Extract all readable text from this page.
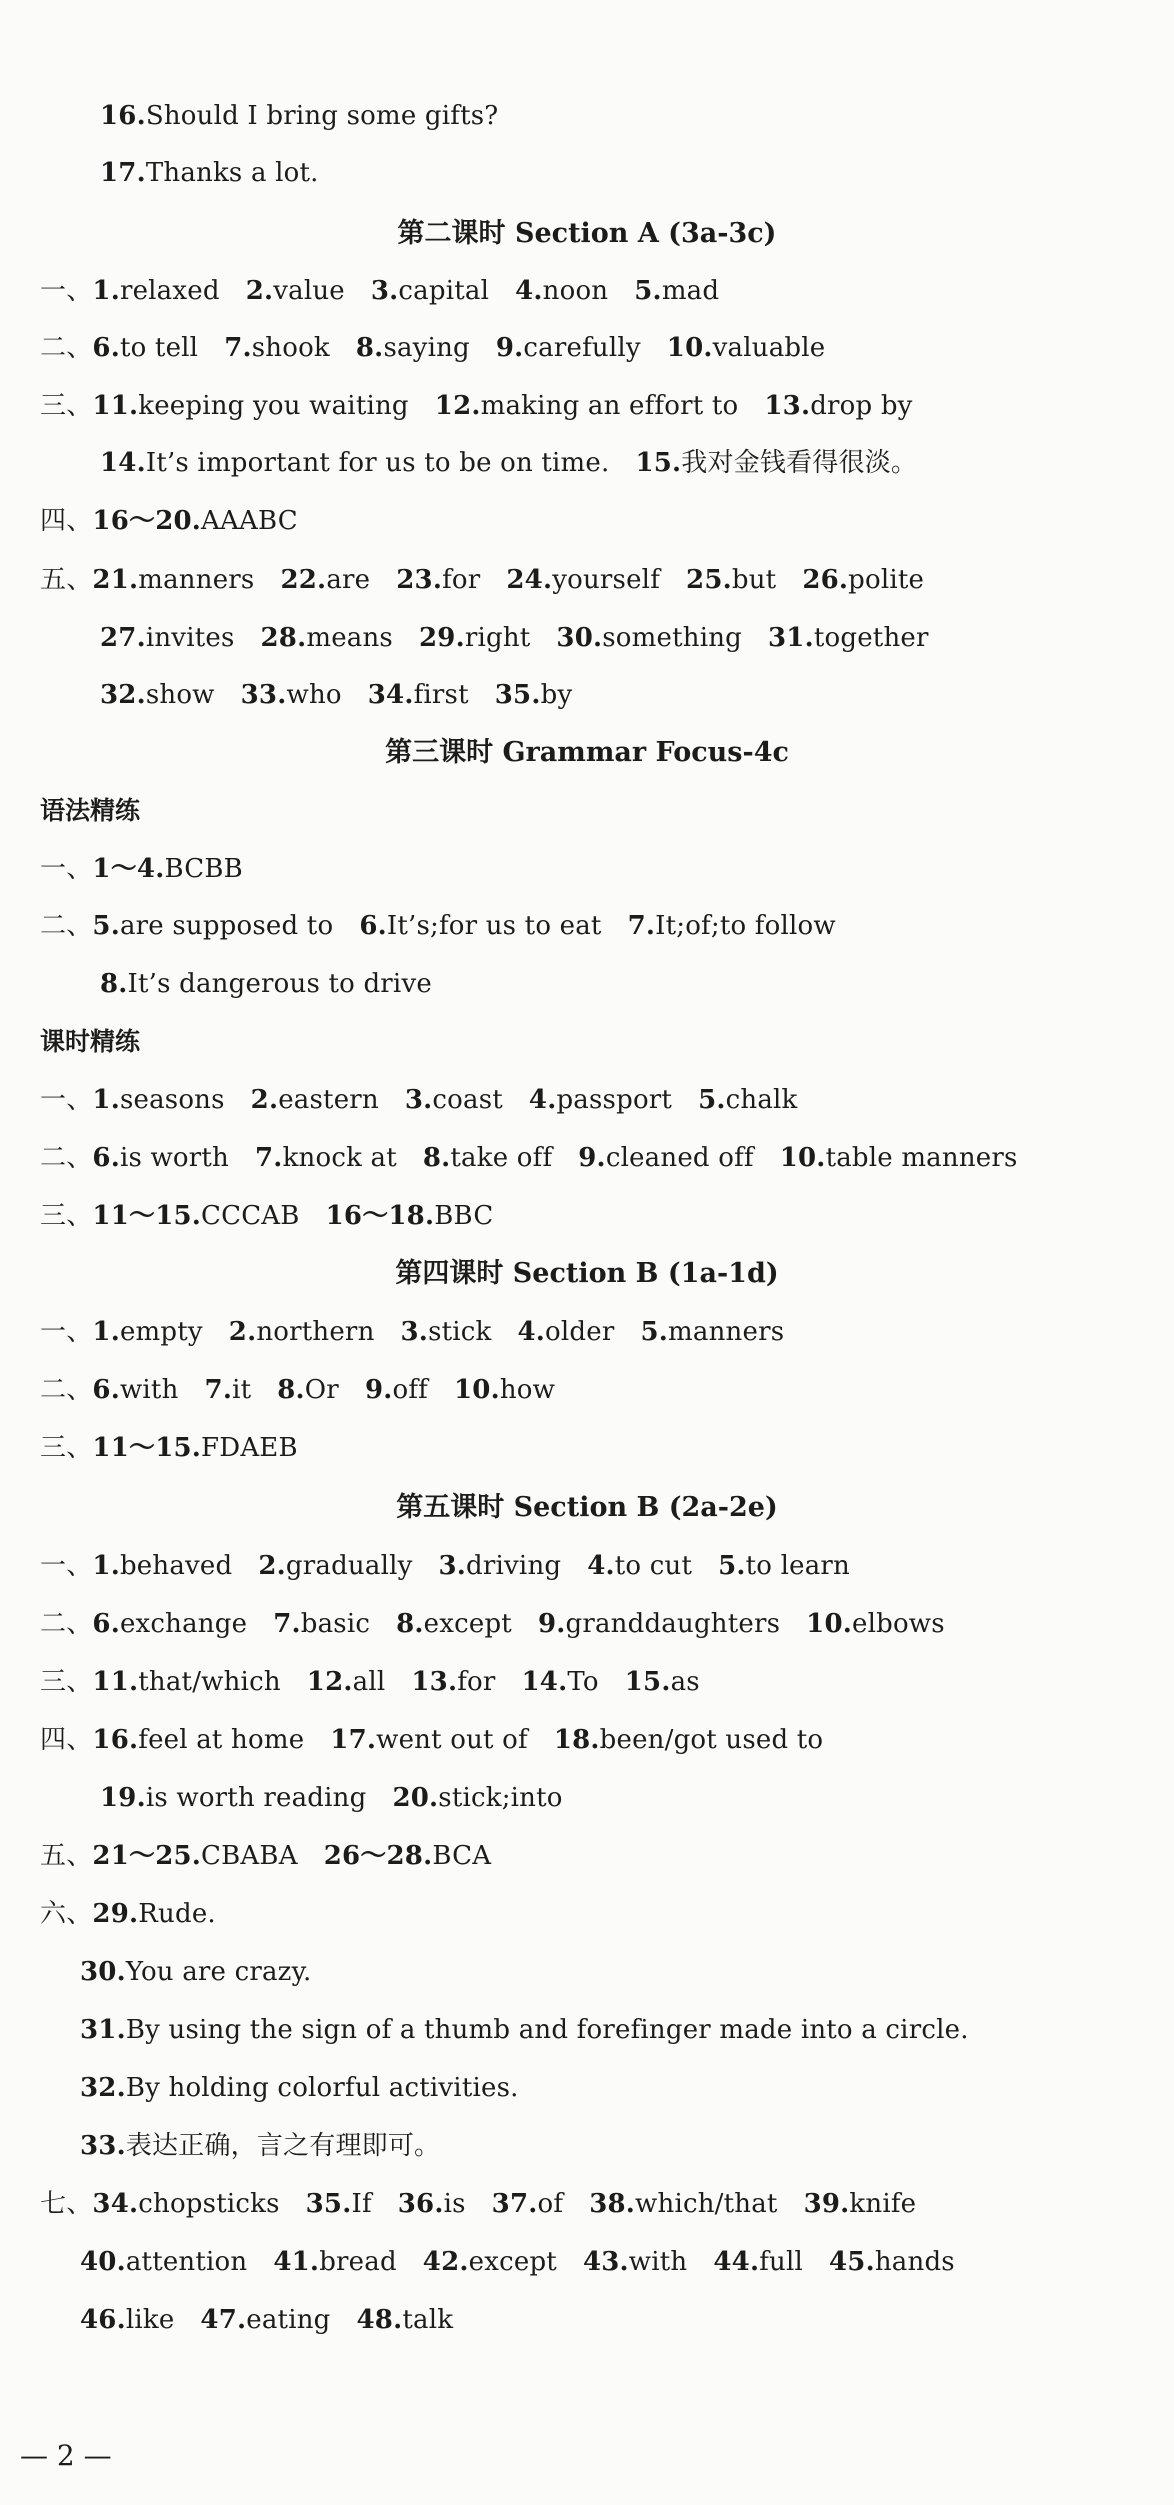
16.Should I bring some gifts?
17.Thanks a lot.
第二课时 Section A (3a-3c)
一、1.relaxed 2.value 3.capital 4.noon 5.mad
二、6.to tell 7.shook 8.saying 9.carefully 10.valuable
三、11.keeping you waiting 12.making an effort to 13.drop by
14.It’s important for us to be on time. 15.我对金钱看得很淡。
四、16～20.AAABC
五、21.manners 22.are 23.for 24.yourself 25.but 26.polite
27.invites 28.means 29.right 30.something 31.together
32.show 33.who 34.first 35.by
第三课时 Grammar Focus-4c
语法精练
一、1～4.BCBB
二、5.are supposed to 6.It’s;for us to eat 7.It;of;to follow
8.It’s dangerous to drive
课时精练
一、1.seasons 2.eastern 3.coast 4.passport 5.chalk
二、6.is worth 7.knock at 8.take off 9.cleaned off 10.table manners
三、11～15.CCCAB 16～18.BBC
第四课时 Section B (1a-1d)
一、1.empty 2.northern 3.stick 4.older 5.manners
二、6.with 7.it 8.Or 9.off 10.how
三、11～15.FDAEB
第五课时 Section B (2a-2e)
一、1.behaved 2.gradually 3.driving 4.to cut 5.to learn
二、6.exchange 7.basic 8.except 9.granddaughters 10.elbows
三、11.that/which 12.all 13.for 14.To 15.as
四、16.feel at home 17.went out of 18.been/got used to
19.is worth reading 20.stick;into
五、21～25.CBABA 26～28.BCA
六、29.Rude.
30.You are crazy.
31.By using the sign of a thumb and forefinger made into a circle.
32.By holding colorful activities.
33.表达正确，言之有理即可。
七、34.chopsticks 35.If 36.is 37.of 38.which/that 39.knife
40.attention 41.bread 42.except 43.with 44.full 45.hands
46.like 47.eating 48.talk
— 2 —
